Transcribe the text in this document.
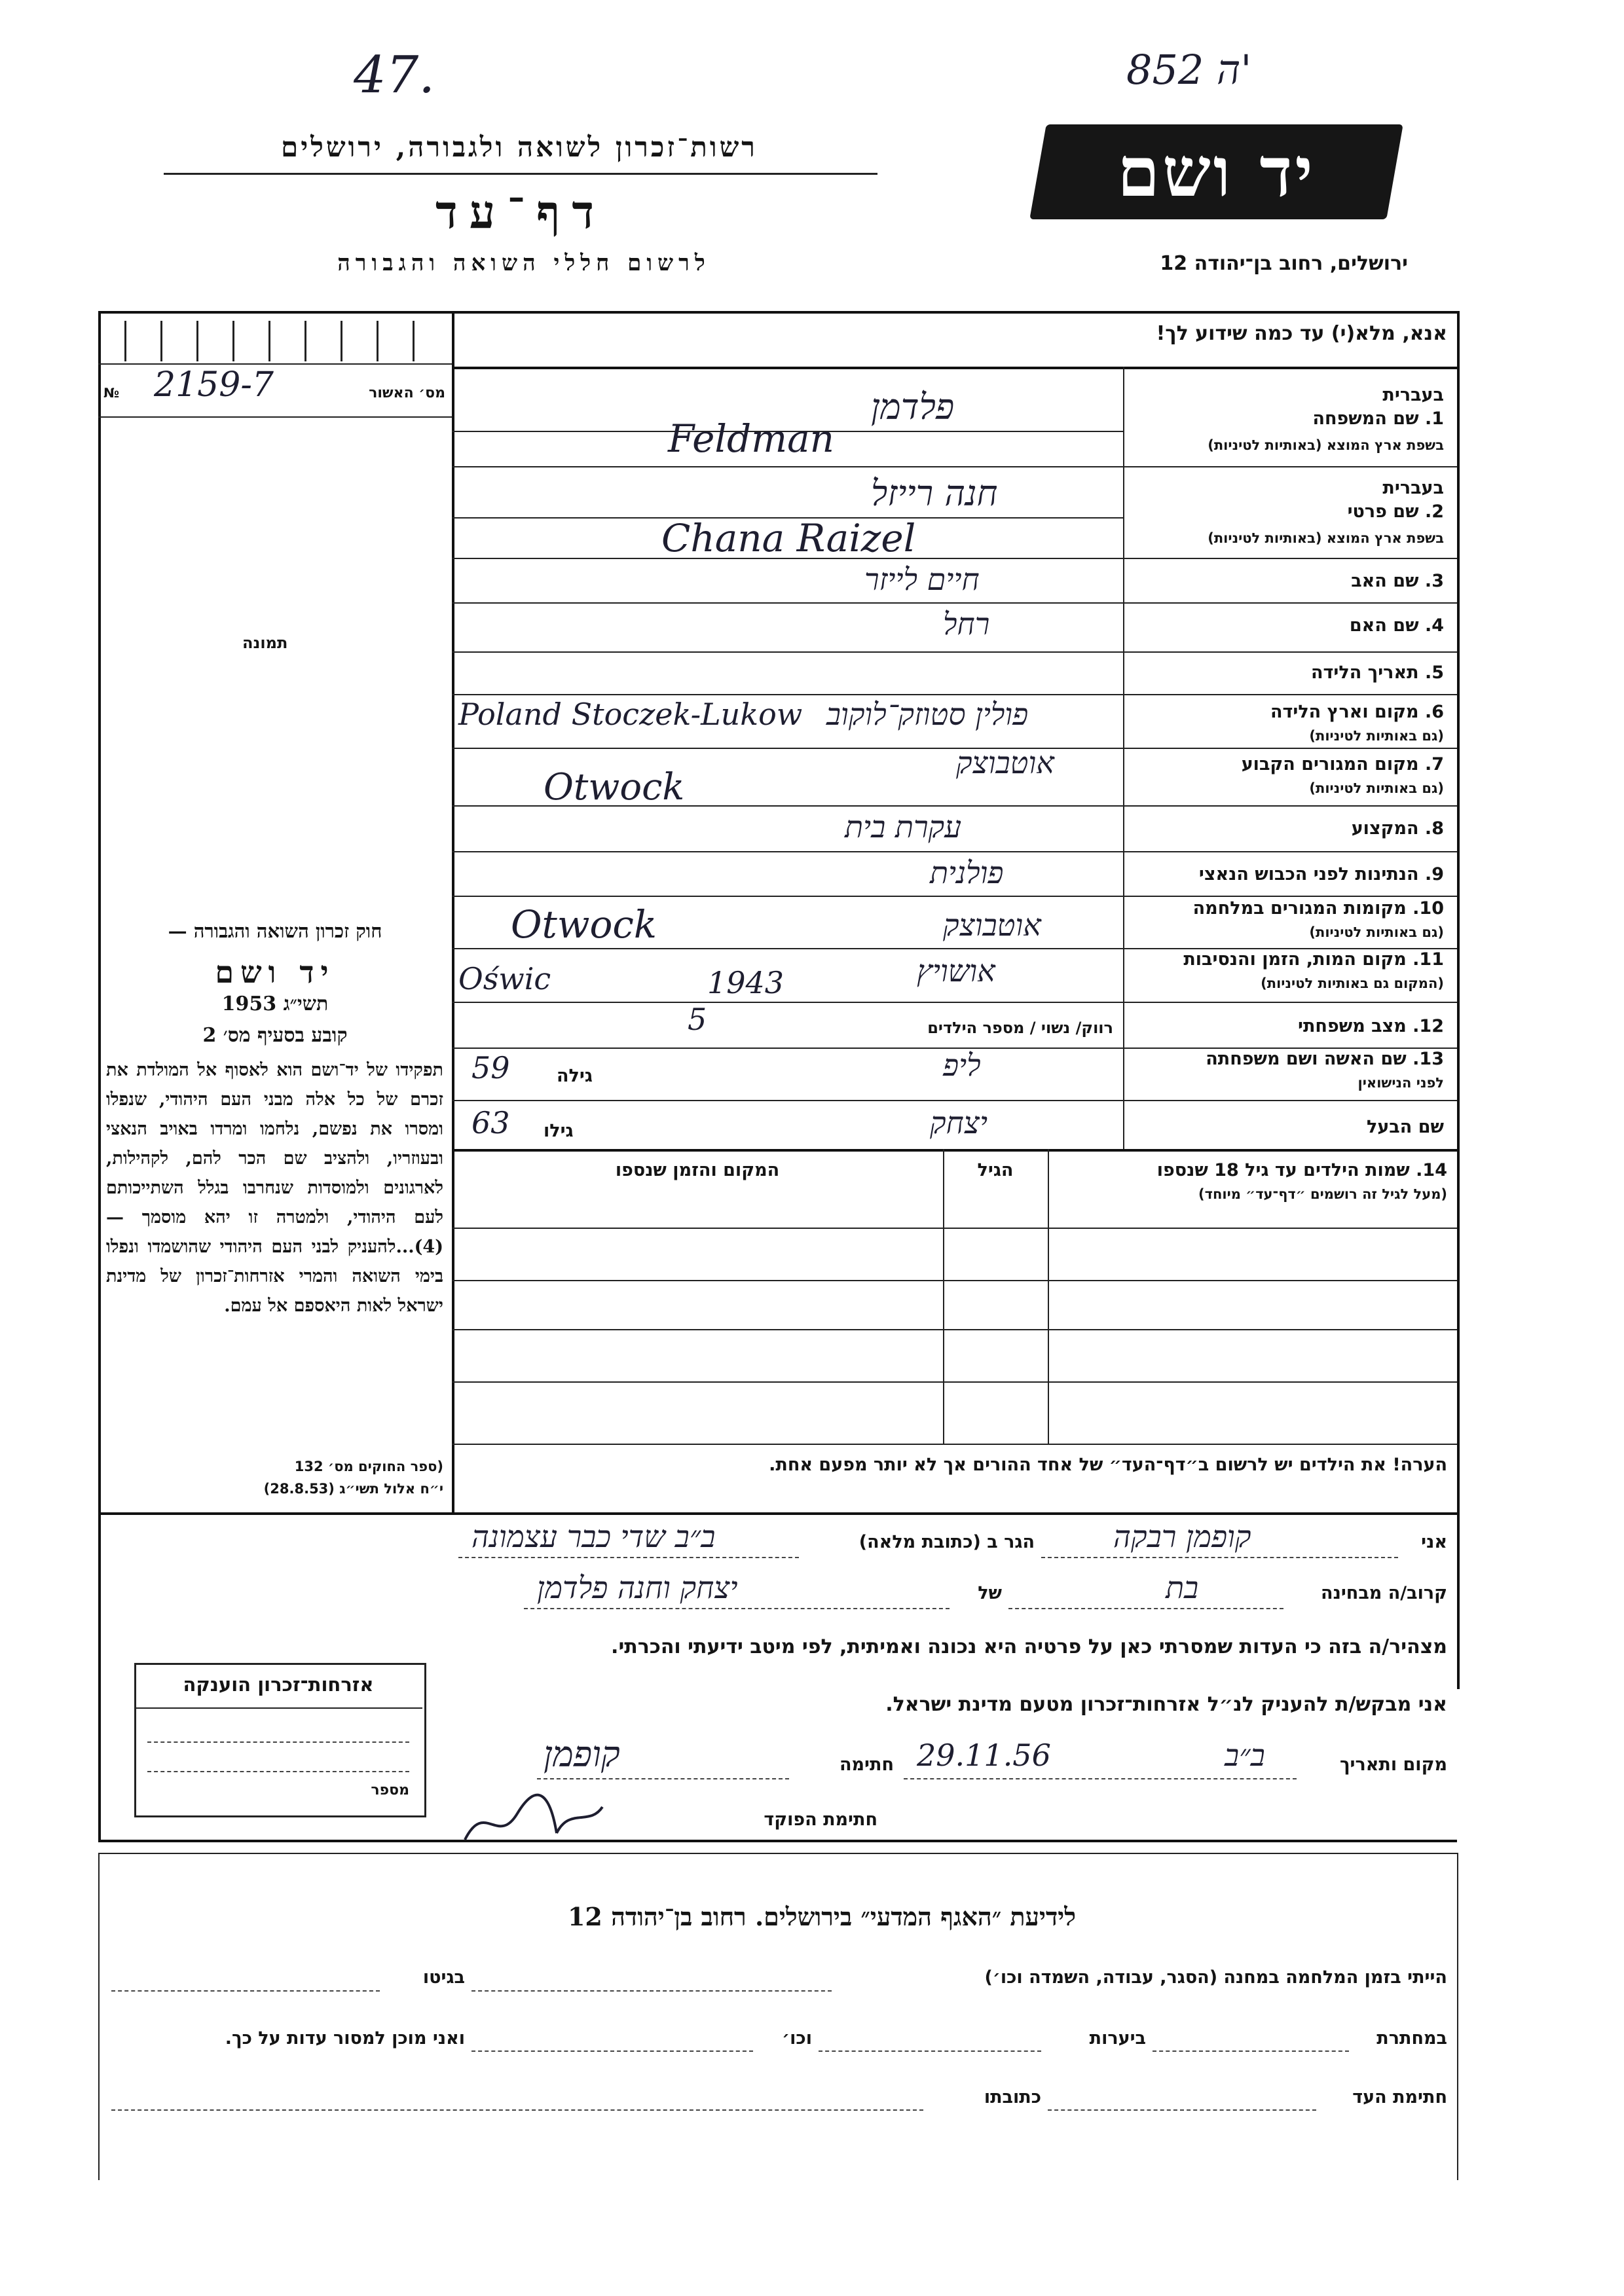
47.	852 ‎ה'
רשות־זכרון לשואה ולגבורה, ירושלים
דף־עד
לרשום חללי השואה והגבורה
יד ושם
ירושלים, רחוב בן־יהודה 12
№ 2159-7	מס׳ האשור
תמונה
אנא, מלא(י) עד כמה שידוע לך!
בעברית
1. שם המשפחה
בשפת ארץ המוצא (באותיות לטיניות)
פלדמן
Feldman
בעברית
2. שם פרטי
בשפת ארץ המוצא (באותיות לטיניות)
חנה רייזל
Chana Raizel
3. שם האב
חיים לייזר
4. שם האם
רחל
5. תאריך הלידה
6. מקום וארץ הלידה
(גם באותיות לטיניות)
Poland Stoczek-Lukow פולין סטוזק־לוקוב
7. מקום המגורים הקבוע
(גם באותיות לטיניות)
אוטבוצק
Otwock
8. המקצוע
עקרת בית
9. הנתינות לפני הכבוש הנאצי
פולנית
10. מקומות המגורים במלחמה
(גם באותיות לטיניות)
Otwock	אוטבוצק
11. מקום המות, הזמן והנסיבות
(המקום גם באותיות לטיניות)
Oświc	1943	אושויץ
12. מצב משפחתי
רווק/ נשוי / מספר הילדים
5
13. שם האשה ושם משפחתה
לפני הנישואין
ליפ
59	גילה
שם הבעל
יצחק
63 גילו
14. שמות הילדים עד גיל 18 שנספו
(מעל לגיל זה רושמים ״דף־עד״ מיוחד)
הגיל
המקום והזמן שנספו
הערה! את הילדים יש לרשום ב״דף־העד״ של אחד ההורים אך לא יותר מפעם אחת.
חוק זכרון השואה והגבורה —
יד ושם
תשי״ג 1953
קובע בסעיף מס׳ 2
תפקידו של יד־ושם הוא לאסוף אל המולדת את זכרם של כל אלה מבני העם היהודי, שנפלו ומסרו את נפשם, נלחמו ומרדו באויב הנאצי ובעוזריו, ולהציב שם הכר להם, לקהילות, לארגונים ולמוסדות שנחרבו בגלל השתייכותם לעם היהודי, ולמטרה זו יהא מוסמך — (4)...להעניק לבני העם היהודי שהושמדו ונפלו בימי השואה והמרי אזרחות־זכרון של מדינת ישראל לאות היאספם אל עמם.
(ספר החוקים מס׳ 132
י״ח אלול תשי״ג (28.8.53)
אזרחות־זכרון הוענקה
מספר
אני
קופמן רבקה
הגר ב (כתובת מלאה)
ב״ב שדי כבר עצמונה
קרוב/ה מבחינה
בת
של
יצחק וחנה פלדמן
מצהיר/ה בזה כי העדות שמסרתי כאן על פרטיה היא נכונה ואמיתית, לפי מיטב ידיעתי והכרתי.
אני מבקש/ת להעניק לנ״ל אזרחות־זכרון מטעם מדינת ישראל.
מקום ותאריך
ב״ב
29.11.56
חתימה
קופמן
חתימת הפוקד
לידיעת ״האגף המדעי״ בירושלים. רחוב בן־יהודה 12
הייתי בזמן המלחמה במחנה (הסגר, עבודה, השמדה וכו׳)
בגיטו
במחתרת
ביערות
וכו׳
ואני מוכן למסור עדות על כך.
חתימת העד
כתובתו
